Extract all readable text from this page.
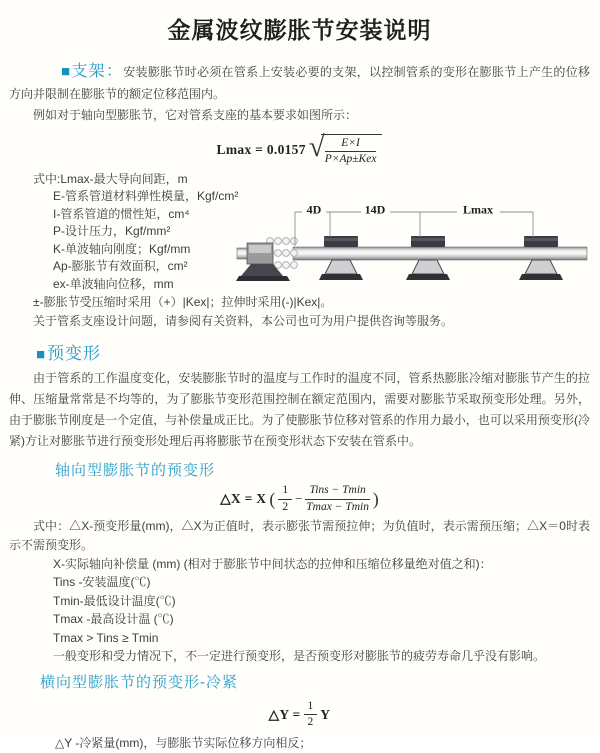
金属波纹膨胀节安装说明

■支架：安装膨胀节时必须在管系上安装必要的支架，以控制管系的变形在膨胀节上产生的位移方向并限制在膨胀节的额定位移范围内。

例如对于轴向型膨胀节，它对管系支座的基本要求如图所示：

Lmax = 0.0157 √ $\frac{E\times I}{\text{P×Ap±Kex}}$
式中:Lmax-最大导向间距，m
E-管系管道材料弹性模量，Kgf/cm²
I-管系管道的惯性矩，cm⁴
P-设计压力，Kgf/mm²
K-单波轴向刚度；Kgf/mm
Ap-膨胀节有效面积，cm²
ex-单波轴向位移，mm
4D	14D	Lmax
±-膨胀节受压缩时采用（+）|Kex|；拉伸时采用(-)|Kex|。
关于管系支座设计问题，请参阅有关资料，本公司也可为用户提供咨询等服务。
■预变形

由于管系的工作温度变化，安装膨胀节时的温度与工作时的温度不同，管系热膨胀冷缩对膨胀节产生的拉伸、压缩量常常是不均等的，为了膨胀节变形范围控制在额定范围内，需要对膨胀节采取预变形处理。另外，由于膨胀节刚度是一个定值，与补偿量成正比。为了使膨胀节位移对管系的作用力最小，也可以采用预变形(冷紧)方让对膨胀节进行预变形处理后再将膨胀节在预变形状态下安装在管系中。

轴向型膨胀节的预变形
△X = X ( $\frac{1}{2} - \frac{\text{Tins − Tmin}}{Tmax - Tmin}$ )
式中：△X-预变形量(mm)，△X为正值时，表示膨张节需预拉伸；为负值时，表示需预压缩；△X＝0时表示不需预变形。
X-实际轴向补偿量 (mm) (相对于膨胀节中间状态的拉伸和压缩位移量绝对值之和)：
Tins -安装温度(℃)
Tmin-最低设计温度(℃)
Tmax -最高设计温 (℃)
Tmax > Tins ≥ Tmin
一般变形和受力情况下，不一定进行预变形，是否预变形对膨胀节的疲劳寿命几乎没有影响。
横向型膨胀节的预变形-冷紧
△Y = $\frac{1}{2}$ Y
△Y -冷紧量(mm)，与膨胀节实际位移方向相反；
